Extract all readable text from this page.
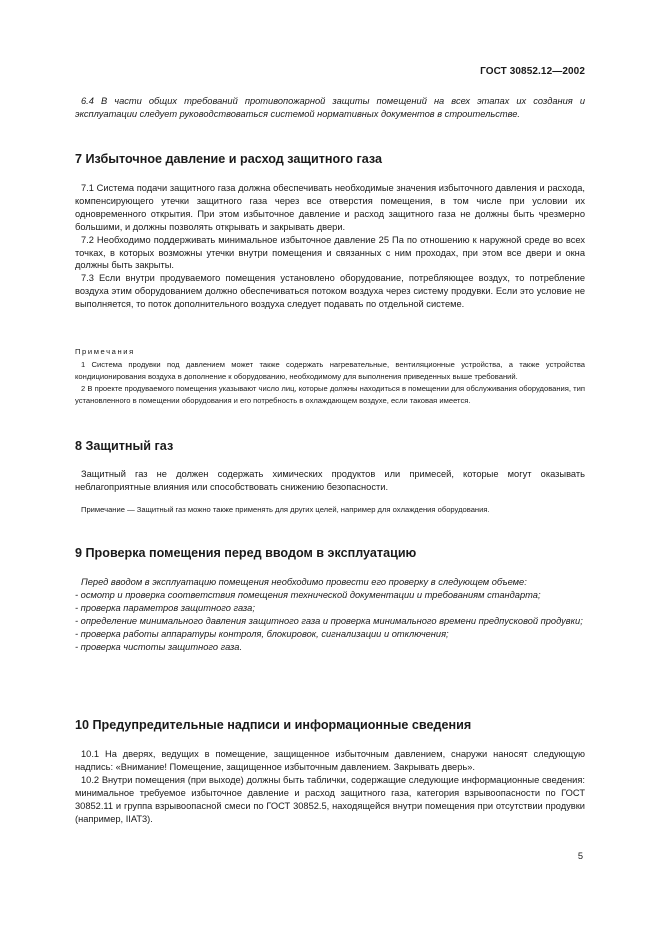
ГОСТ 30852.12—2002

6.4 В части общих требований противопожарной защиты помещений на всех этапах их создания и эксплуатации следует руководствоваться системой нормативных документов в строительстве.

7 Избыточное давление и расход защитного газа

7.1 Система подачи защитного газа должна обеспечивать необходимые значения избыточного давления и расхода, компенсирующего утечки защитного газа через все отверстия помещения, в том числе при условии их одновременного открытия. При этом избыточное давление и расход защитного газа не должны быть чрезмерно большими, и должны позволять открывать и закрывать двери.

7.2 Необходимо поддерживать минимальное избыточное давление 25 Па по отношению к наружной среде во всех точках, в которых возможны утечки внутри помещения и связанных с ним проходах, при этом все двери и окна должны быть закрыты.

7.3 Если внутри продуваемого помещения установлено оборудование, потребляющее воздух, то потребление воздуха этим оборудованием должно обеспечиваться потоком воздуха через систему продувки. Если это условие не выполняется, то поток дополнительного воздуха следует подавать по отдельной системе.

Примечания

1 Система продувки под давлением может также содержать нагревательные, вентиляционные устройства, а также устройства кондиционирования воздуха в дополнение к оборудованию, необходимому для выполнения приведенных выше требований.

2 В проекте продуваемого помещения указывают число лиц, которые должны находиться в помещении для обслуживания оборудования, тип установленного в помещении оборудования и его потребность в охлаждающем воздухе, если таковая имеется.

8 Защитный газ

Защитный газ не должен содержать химических продуктов или примесей, которые могут оказывать неблагоприятные влияния или способствовать снижению безопасности.

Примечание — Защитный газ можно также применять для других целей, например для охлаждения оборудования.

9 Проверка помещения перед вводом в эксплуатацию

Перед вводом в эксплуатацию помещения необходимо провести его проверку в следующем объеме:

- осмотр и проверка соответствия помещения технической документации и требованиям стандарта;

- проверка параметров защитного газа;

- определение минимального давления защитного газа и проверка минимального времени предпусковой продувки;

- проверка работы аппаратуры контроля, блокировок, сигнализации и отключения;

- проверка чистоты защитного газа.

10 Предупредительные надписи и информационные сведения

10.1 На дверях, ведущих в помещение, защищенное избыточным давлением, снаружи наносят следующую надпись: «Внимание! Помещение, защищенное избыточным давлением. Закрывать дверь».

10.2 Внутри помещения (при выходе) должны быть таблички, содержащие следующие информационные сведения: минимальное требуемое избыточное давление и расход защитного газа, категория взрывоопасности по ГОСТ 30852.11 и группа взрывоопасной смеси по ГОСТ 30852.5, находящейся внутри помещения при отсутствии продувки (например, IIАТ3).

5
